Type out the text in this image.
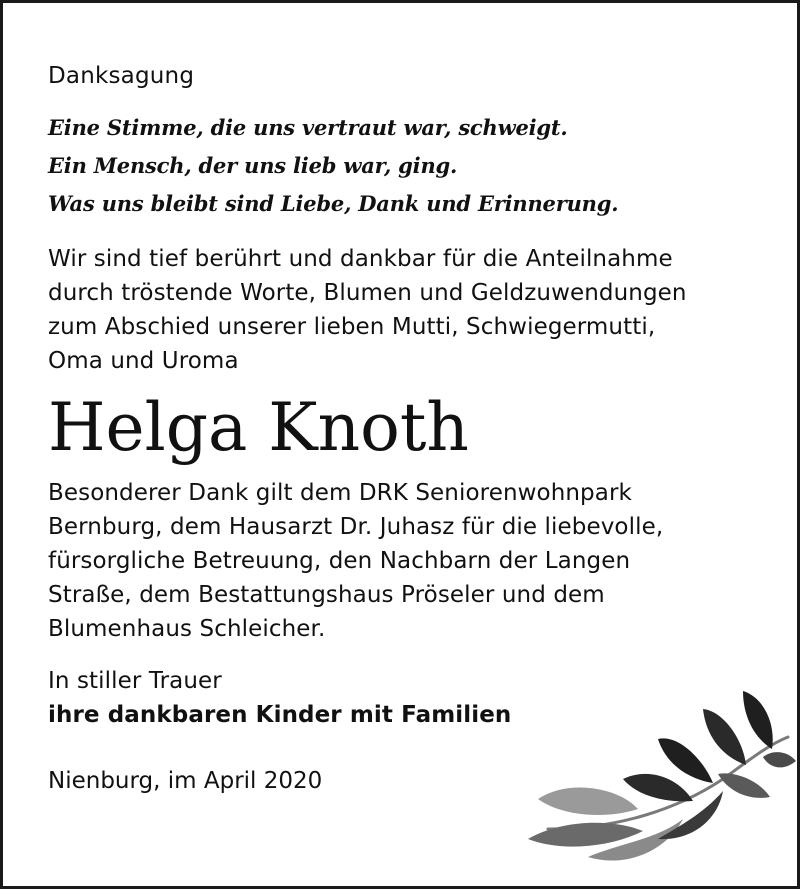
Danksagung

Eine Stimme, die uns vertraut war, schweigt.
Ein Mensch, der uns lieb war, ging.
Was uns bleibt sind Liebe, Dank und Erinnerung.
Wir sind tief berührt und dankbar für die Anteilnahme
durch tröstende Worte, Blumen und Geldzuwendungen
zum Abschied unserer lieben Mutti, Schwiegermutti,
Oma und Uroma
Helga Knoth
Besonderer Dank gilt dem DRK Seniorenwohnpark
Bernburg, dem Hausarzt Dr. Juhasz für die liebevolle,
fürsorgliche Betreuung, den Nachbarn der Langen
Straße, dem Bestattungshaus Pröseler und dem
Blumenhaus Schleicher.
In stiller Trauer
ihre dankbaren Kinder mit Familien
Nienburg, im April 2020
